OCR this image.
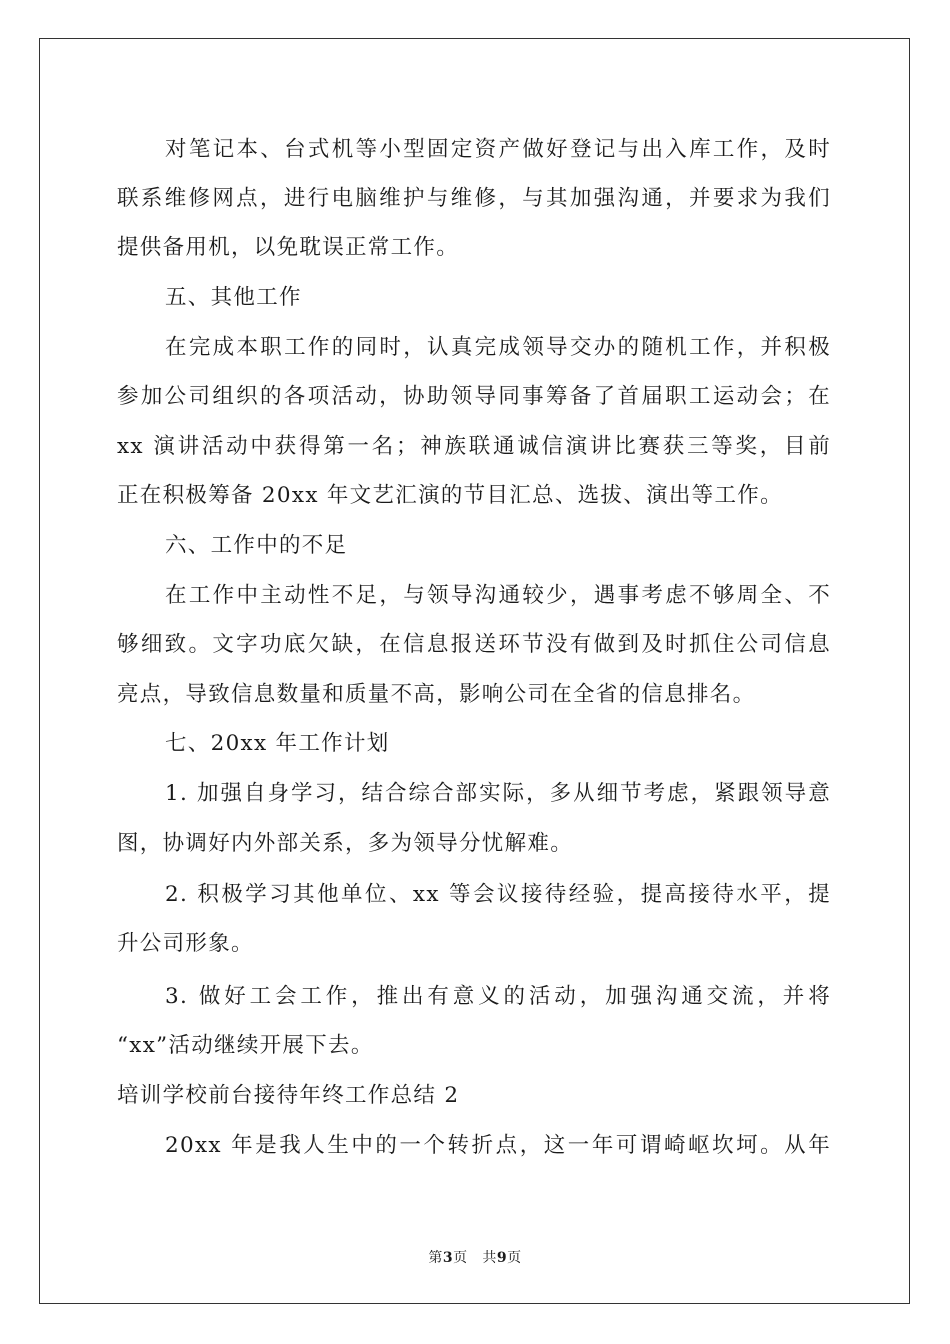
对笔记本、台式机等小型固定资产做好登记与出入库工作，及时
联系维修网点，进行电脑维护与维修，与其加强沟通，并要求为我们
提供备用机，以免耽误正常工作。
五、其他工作
在完成本职工作的同时，认真完成领导交办的随机工作，并积极
参加公司组织的各项活动，协助领导同事筹备了首届职工运动会；在
xx 演讲活动中获得第一名；神族联通诚信演讲比赛获三等奖，目前
正在积极筹备 20xx 年文艺汇演的节目汇总、选拔、演出等工作。
六、工作中的不足
在工作中主动性不足，与领导沟通较少，遇事考虑不够周全、不
够细致。文字功底欠缺，在信息报送环节没有做到及时抓住公司信息
亮点，导致信息数量和质量不高，影响公司在全省的信息排名。
七、20xx 年工作计划
1. 加强自身学习，结合综合部实际，多从细节考虑，紧跟领导意
图，协调好内外部关系，多为领导分忧解难。
2. 积极学习其他单位、xx 等会议接待经验，提高接待水平，提
升公司形象。
3. 做好工会工作，推出有意义的活动，加强沟通交流，并将
“xx”活动继续开展下去。
培训学校前台接待年终工作总结 2
20xx 年是我人生中的一个转折点，这一年可谓崎岖坎坷。从年
第3页 共9页
